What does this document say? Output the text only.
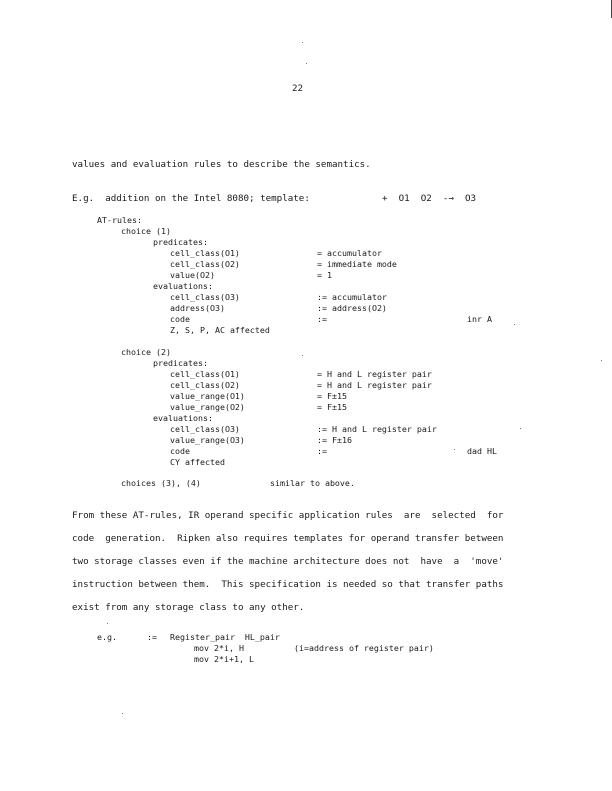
22
values and evaluation rules to describe the semantics.
E.g.  addition on the Intel 8080; template:	+  O1  O2  -→  O3
AT-rules:
choice (1)
predicates:
cell_class(O1)	= accumulator
cell_class(O2)	= immediate mode
value(O2)	= 1
evaluations:
cell_class(O3)	:= accumulator
address(O3)	:= address(O2)
code	:=	inr A
Z, S, P, AC affected
choice (2)
predicates:
cell_class(O1)	= H and L register pair
cell_class(O2)	= H and L register pair
value_range(O1)	= F±15
value_range(O2)	= F±15
evaluations:
cell_class(O3)	:= H and L register pair
value_range(O3)	:= F±16
code	:=	dad HL
CY affected
choices (3), (4)	similar to above.
From these AT-rules, IR operand specific application rules  are  selected  for
code  generation.  Ripken also requires templates for operand transfer between
two storage classes even if the machine architecture does not  have  a  'move'
instruction between them.  This specification is needed so that transfer paths
exist from any storage class to any other.
e.g.	:= Register_pair  HL_pair
mov 2*i, H	(i=address of register pair)
mov 2*i+1, L
